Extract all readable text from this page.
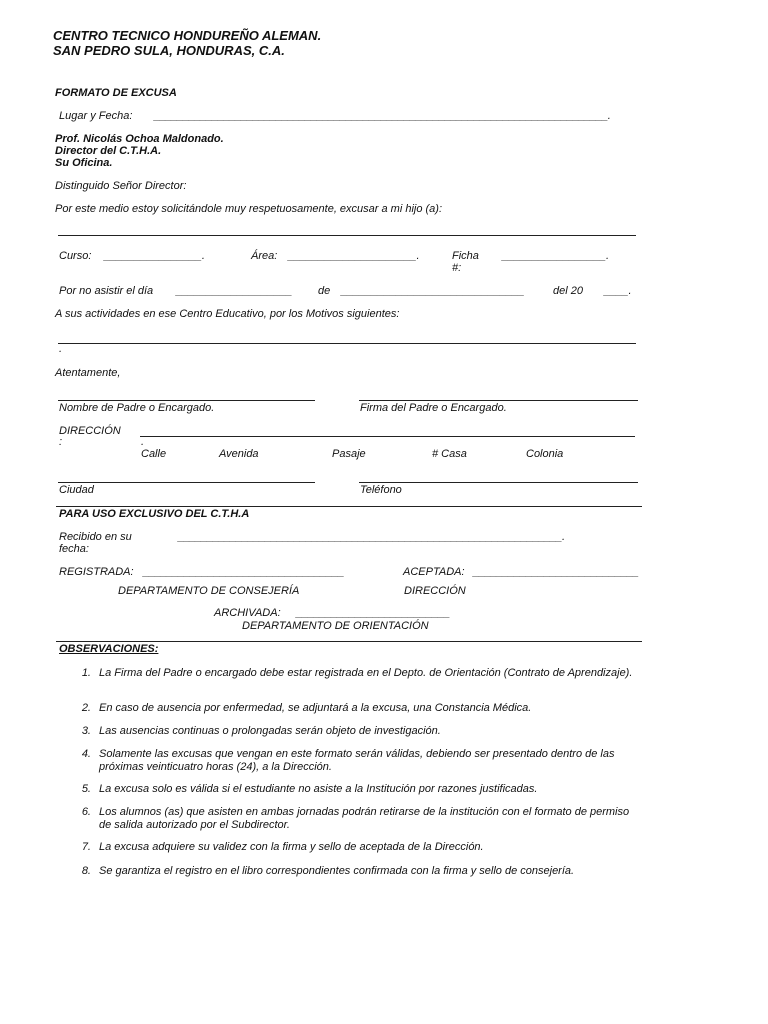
CENTRO TECNICO HONDUREÑO ALEMAN.
SAN PEDRO SULA, HONDURAS, C.A.
FORMATO DE EXCUSA
Lugar y Fecha: ______________________________________________________________________________.
Prof. Nicolás Ochoa Maldonado.
Director del C.T.H.A.
Su Oficina.
Distinguido Señor Director:
Por este medio estoy solicitándole muy respetuosamente, excusar a mi hijo (a):
Curso: ________________.	Área: _____________________.	Ficha
#:
_________________.
Por no asistir el día ___________________ de ______________________________	del 20 ____.
A sus actividades en ese Centro Educativo, por los Motivos siguientes:
.
Atentamente,
Nombre de Padre o Encargado.	Firma del Padre o Encargado.
DIRECCIÓN
:	.
Calle	Avenida	Pasaje	# Casa	Colonia
Ciudad	Teléfono
PARA USO EXCLUSIVO DEL C.T.H.A
Recibido en su
fecha:
__________________________________________________________________.
REGISTRADA: __________________________________	ACEPTADA: ____________________________
DEPARTAMENTO DE CONSEJERÍA	DIRECCIÓN
ARCHIVADA: __________________________
DEPARTAMENTO DE ORIENTACIÓN
OBSERVACIONES:
1. La Firma del Padre o encargado debe estar registrada en el Depto. de Orientación (Contrato de Aprendizaje).
2. En caso de ausencia por enfermedad, se adjuntará a la excusa, una Constancia Médica.
3. Las ausencias continuas o prolongadas serán objeto de investigación.
4. Solamente las excusas que vengan en este formato serán válidas, debiendo ser presentado dentro de las próximas veinticuatro horas (24), a la Dirección.
5. La excusa solo es válida si el estudiante no asiste a la Institución por razones justificadas.
6. Los alumnos (as) que asisten en ambas jornadas podrán retirarse de la institución con el formato de permiso de salida autorizado por el Subdirector.
7. La excusa adquiere su validez con la firma y sello de aceptada de la Dirección.
8. Se garantiza el registro en el libro correspondientes confirmada con la firma y sello de consejería.
